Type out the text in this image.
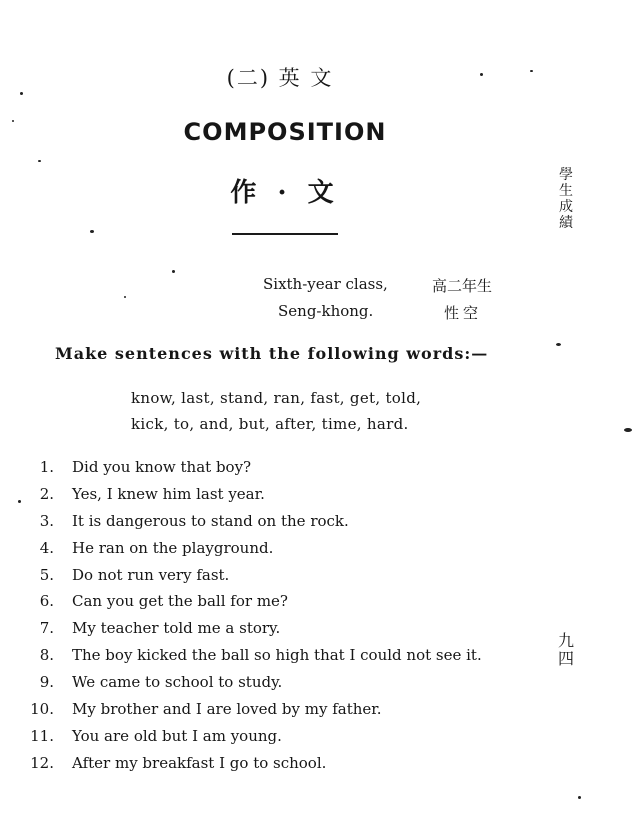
(二) 英 文
COMPOSITION
作 · 文
學生成績
九四
Sixth-year class,	高二年生
Seng-khong.	性空
Make sentences with the following words:—
know, last, stand, ran, fast, get, told,
kick, to, and, but, after, time, hard.
1. Did you know that boy?
2. Yes, I knew him last year.
3. It is dangerous to stand on the rock.
4. He ran on the playground.
5. Do not run very fast.
6. Can you get the ball for me?
7. My teacher told me a story.
8. The boy kicked the ball so high that I could not see it.
9. We came to school to study.
10. My brother and I are loved by my father.
11. You are old but I am young.
12. After my breakfast I go to school.
